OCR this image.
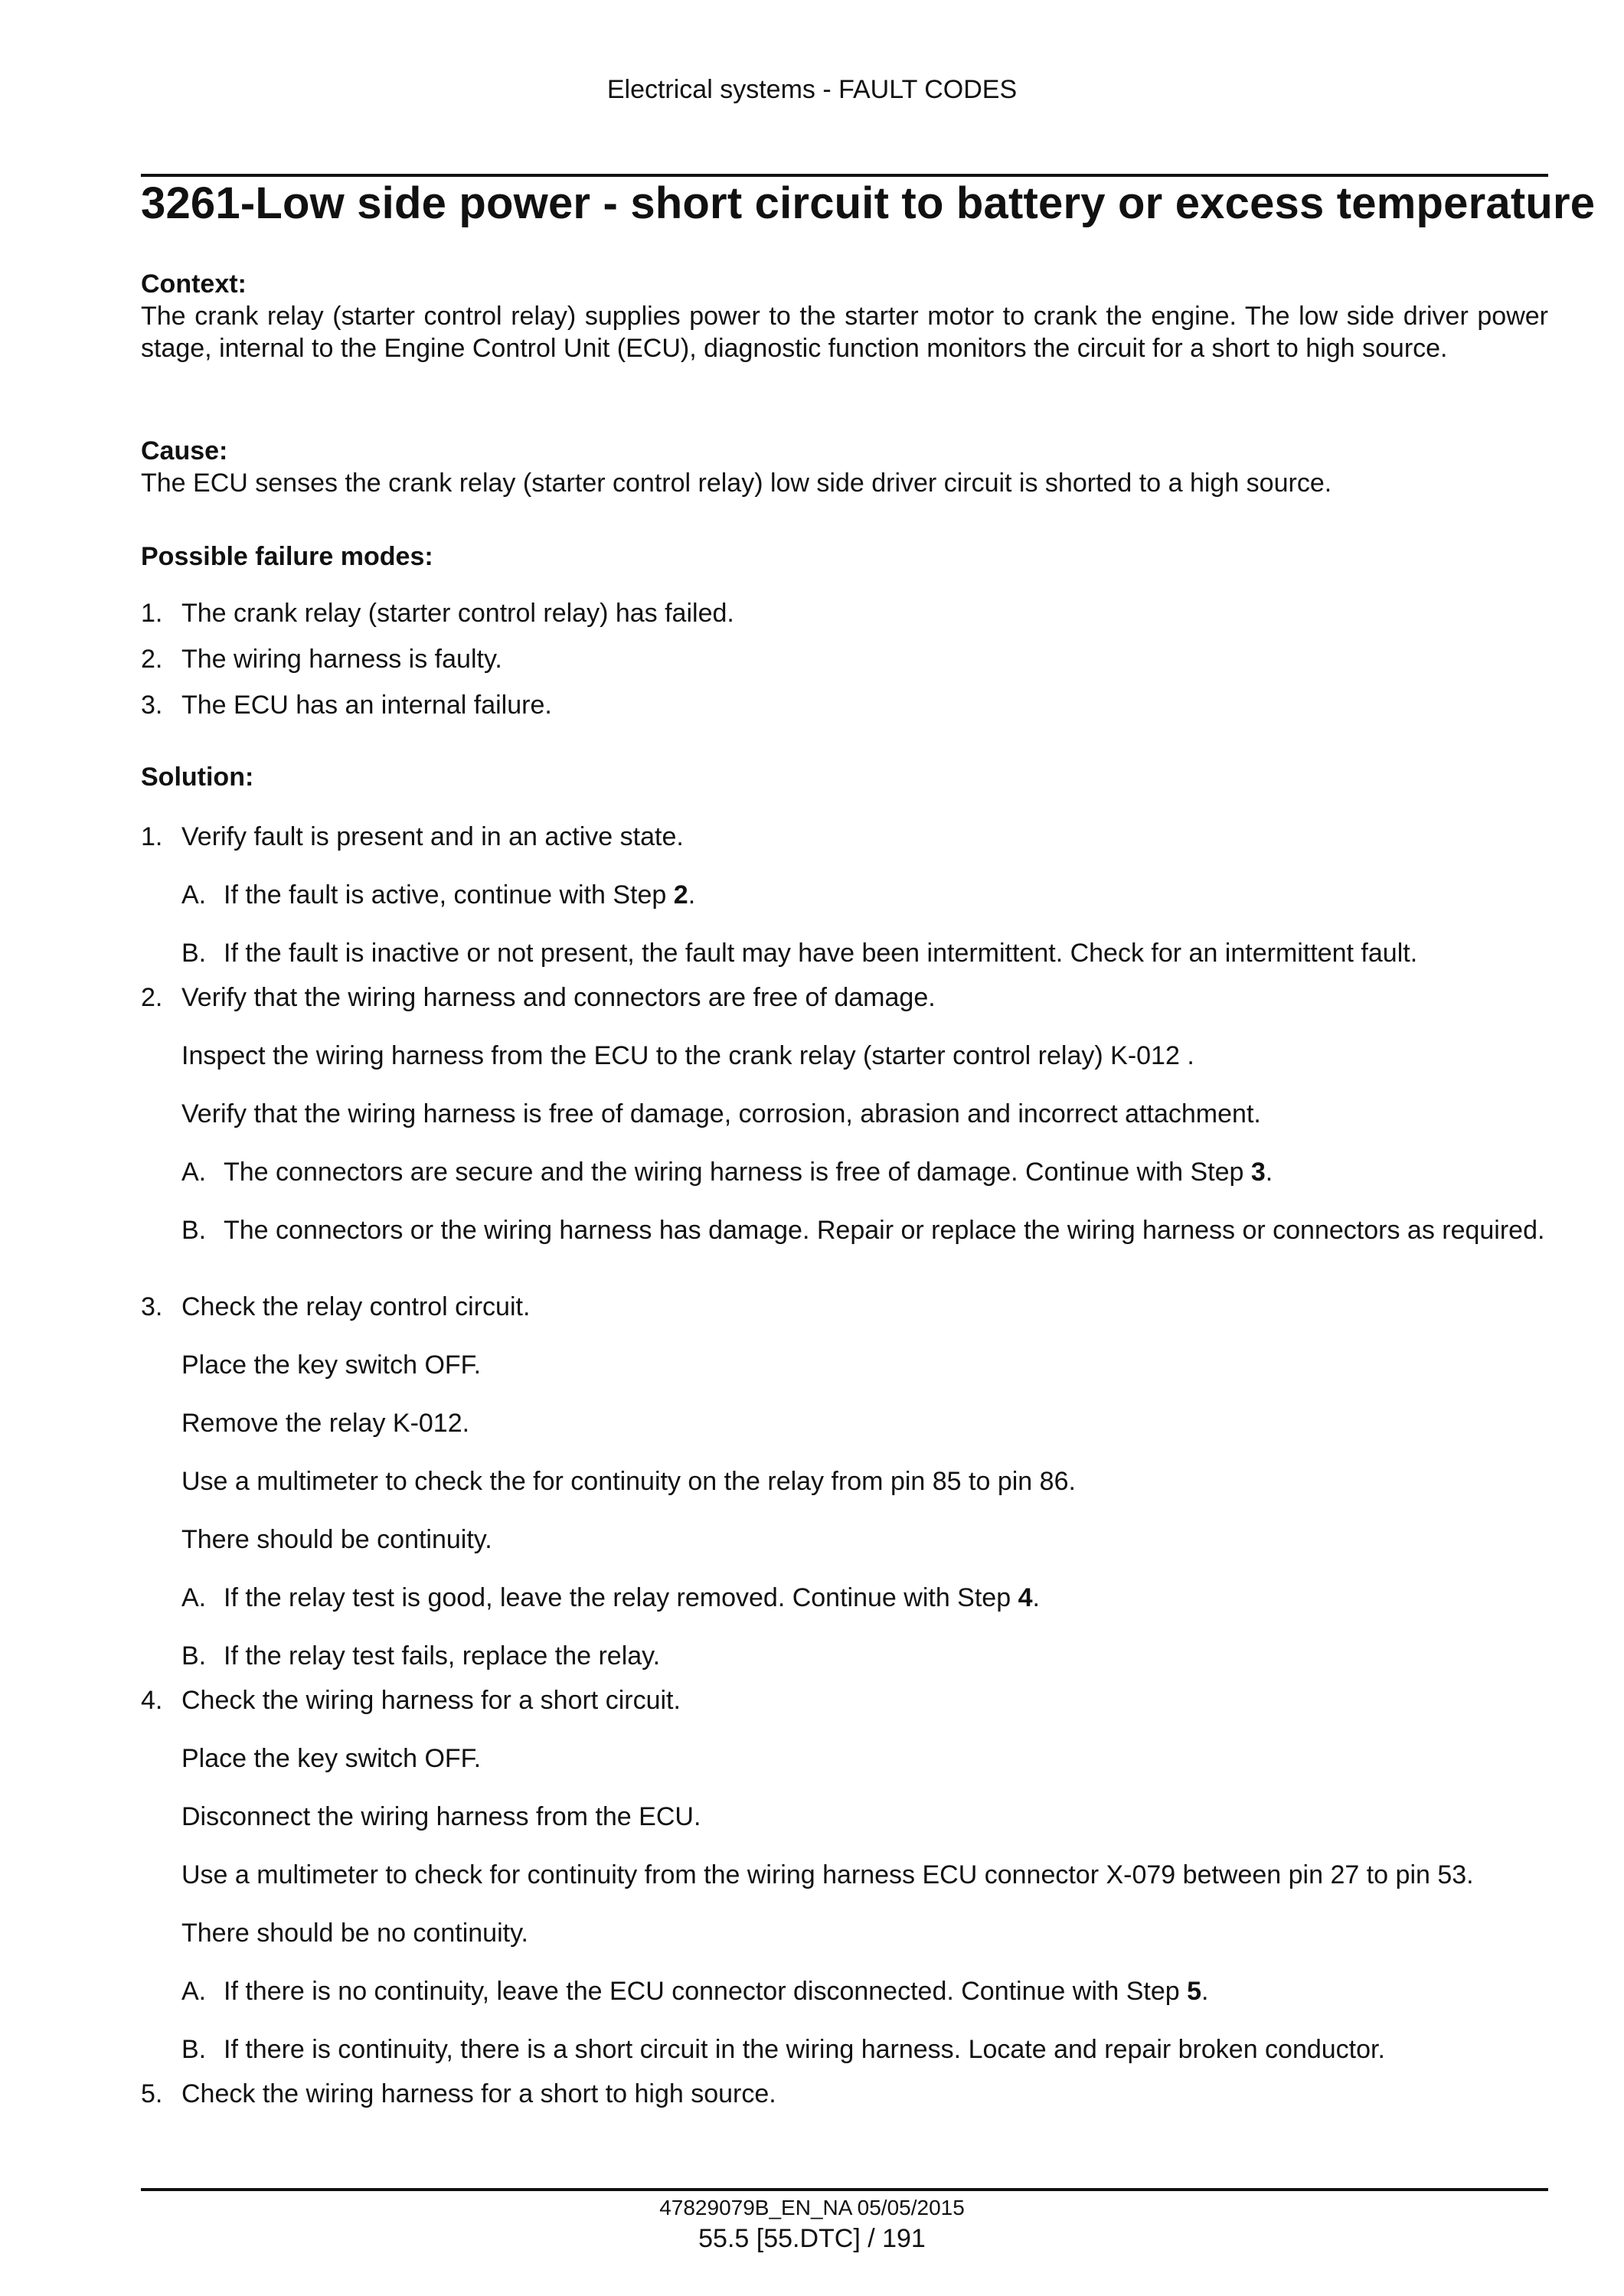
Electrical systems - FAULT CODES
3261-Low side power - short circuit to battery or excess temperature
Context:
The crank relay (starter control relay) supplies power to the starter motor to crank the engine. The low side driver power stage, internal to the Engine Control Unit (ECU), diagnostic function monitors the circuit for a short to high source.
Cause:
The ECU senses the crank relay (starter control relay) low side driver circuit is shorted to a high source.
Possible failure modes:
1. The crank relay (starter control relay) has failed.
2. The wiring harness is faulty.
3. The ECU has an internal failure.
Solution:
1. Verify fault is present and in an active state.
A. If the fault is active, continue with Step 2.
B. If the fault is inactive or not present, the fault may have been intermittent. Check for an intermittent fault.
2. Verify that the wiring harness and connectors are free of damage.
Inspect the wiring harness from the ECU to the crank relay (starter control relay) K-012 .
Verify that the wiring harness is free of damage, corrosion, abrasion and incorrect attachment.
A. The connectors are secure and the wiring harness is free of damage. Continue with Step 3.
B. The connectors or the wiring harness has damage. Repair or replace the wiring harness or connectors as required.
3. Check the relay control circuit.
Place the key switch OFF.
Remove the relay K-012.
Use a multimeter to check the for continuity on the relay from pin 85 to pin 86.
There should be continuity.
A. If the relay test is good, leave the relay removed. Continue with Step 4.
B. If the relay test fails, replace the relay.
4. Check the wiring harness for a short circuit.
Place the key switch OFF.
Disconnect the wiring harness from the ECU.
Use a multimeter to check for continuity from the wiring harness ECU connector X-079 between pin 27 to pin 53.
There should be no continuity.
A. If there is no continuity, leave the ECU connector disconnected. Continue with Step 5.
B. If there is continuity, there is a short circuit in the wiring harness. Locate and repair broken conductor.
5. Check the wiring harness for a short to high source.
47829079B_EN_NA 05/05/2015
55.5 [55.DTC] / 191
